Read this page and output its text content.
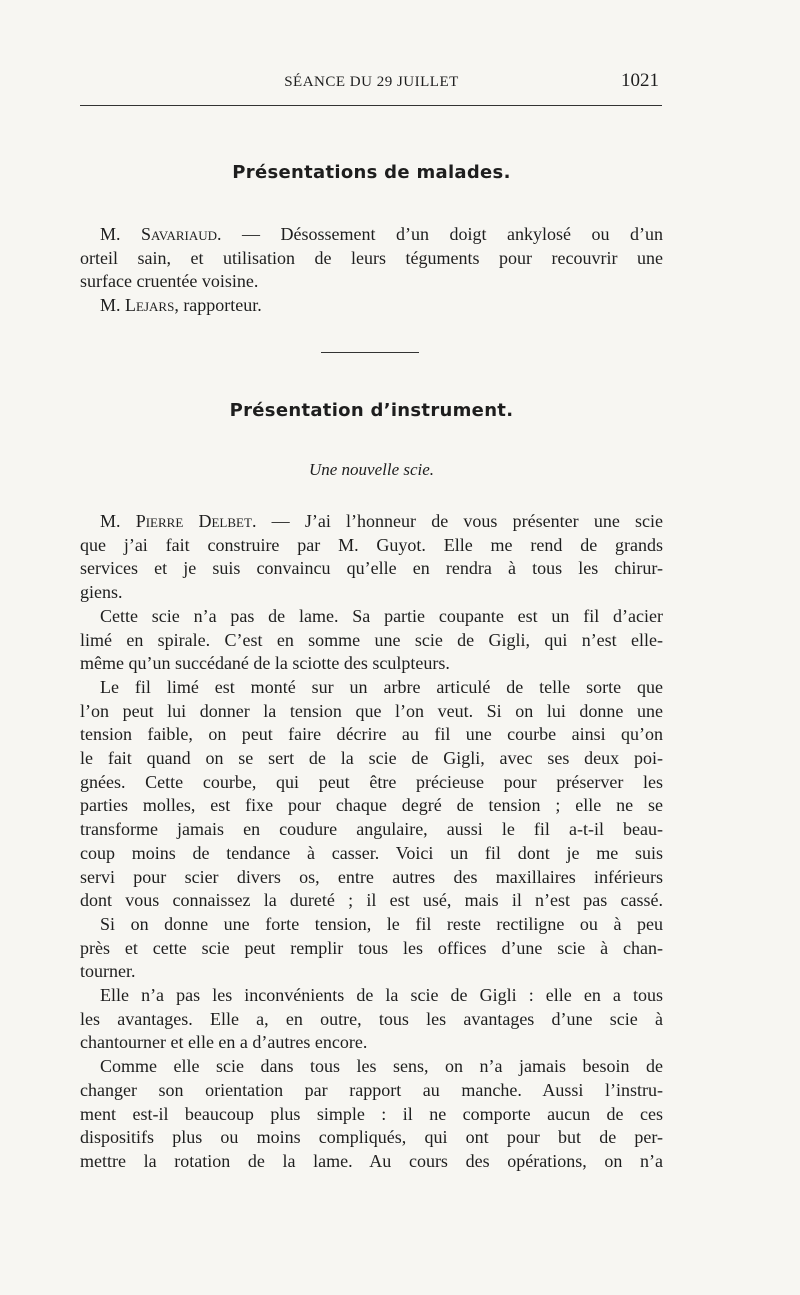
SÉANCE DU 29 JUILLET	1021
Présentations de malades.

M. Savariaud. — Désossement d’un doigt ankylosé ou d’un
orteil sain, et utilisation de leurs téguments pour recouvrir une
surface cruentée voisine.

M. Lejars, rapporteur.

Présentation d’instrument.
Une nouvelle scie.

M. Pierre Delbet. — J’ai l’honneur de vous présenter une scie
que j’ai fait construire par M. Guyot. Elle me rend de grands
services et je suis convaincu qu’elle en rendra à tous les chirur-
giens.

Cette scie n’a pas de lame. Sa partie coupante est un fil d’acier
limé en spirale. C’est en somme une scie de Gigli, qui n’est elle-
même qu’un succédané de la sciotte des sculpteurs.

Le fil limé est monté sur un arbre articulé de telle sorte que
l’on peut lui donner la tension que l’on veut. Si on lui donne une
tension faible, on peut faire décrire au fil une courbe ainsi qu’on
le fait quand on se sert de la scie de Gigli, avec ses deux poi-
gnées. Cette courbe, qui peut être précieuse pour préserver les
parties molles, est fixe pour chaque degré de tension ; elle ne se
transforme jamais en coudure angulaire, aussi le fil a-t-il beau-
coup moins de tendance à casser. Voici un fil dont je me suis
servi pour scier divers os, entre autres des maxillaires inférieurs
dont vous connaissez la dureté ; il est usé, mais il n’est pas cassé.

Si on donne une forte tension, le fil reste rectiligne ou à peu
près et cette scie peut remplir tous les offices d’une scie à chan-
tourner.

Elle n’a pas les inconvénients de la scie de Gigli : elle en a tous
les avantages. Elle a, en outre, tous les avantages d’une scie à
chantourner et elle en a d’autres encore.

Comme elle scie dans tous les sens, on n’a jamais besoin de
changer son orientation par rapport au manche. Aussi l’instru-
ment est-il beaucoup plus simple : il ne comporte aucun de ces
dispositifs plus ou moins compliqués, qui ont pour but de per-
mettre la rotation de la lame. Au cours des opérations, on n’a
